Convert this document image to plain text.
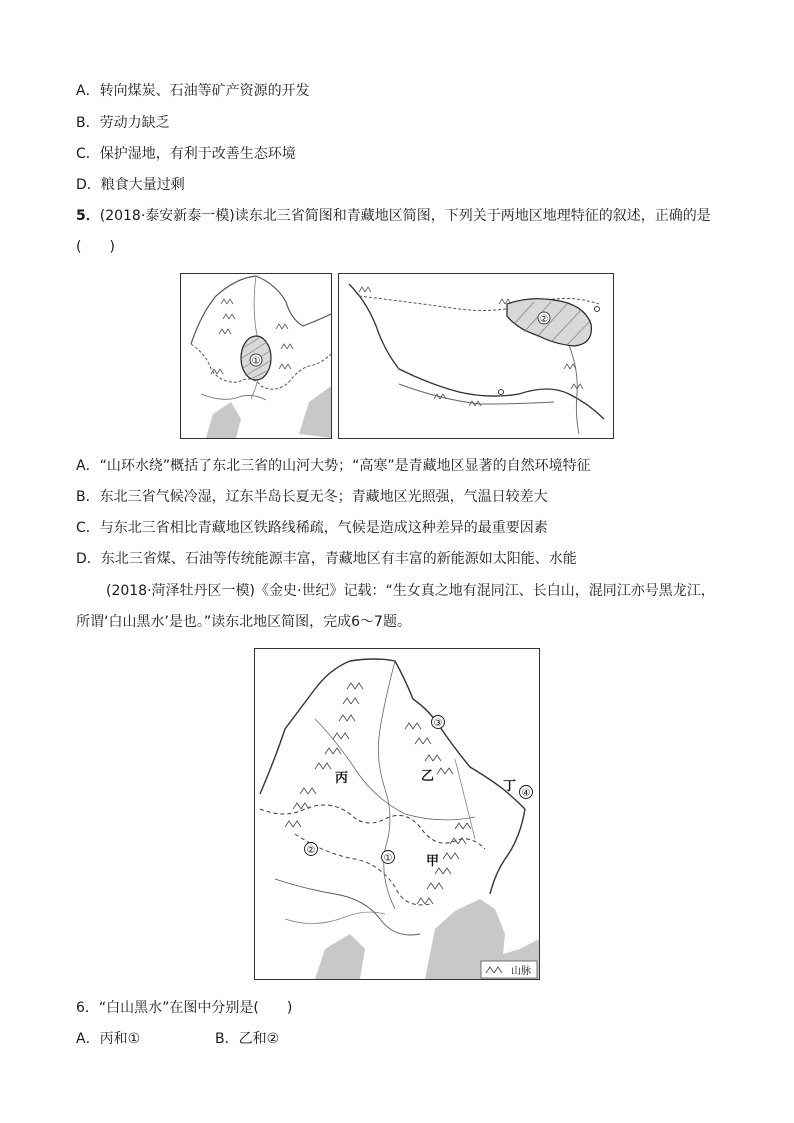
A．转向煤炭、石油等矿产资源的开发
B．劳动力缺乏
C．保护湿地，有利于改善生态环境
D．粮食大量过剩
5．(2018·泰安新泰一模)读东北三省简图和青藏地区简图，下列关于两地区地理特征的叙述，正确的是
(　　)
①
②
A．“山环水绕”概括了东北三省的山河大势；“高寒”是青藏地区显著的自然环境特征
B．东北三省气候冷湿，辽东半岛长夏无冬；青藏地区光照强，气温日较差大
C．与东北三省相比青藏地区铁路线稀疏，气候是造成这种差异的最重要因素
D．东北三省煤、石油等传统能源丰富，青藏地区有丰富的新能源如太阳能、水能
(2018·菏泽牡丹区一模)《金史·世纪》记载：“生女真之地有混同江、长白山，混同江亦号黑龙江，
所谓‘白山黑水’是也。”读东北地区简图，完成6～7题。
丙	乙
丁
甲
③
④
②
①
山脉
6．“白山黑水”在图中分别是(　　)
A．丙和①	B．乙和②
